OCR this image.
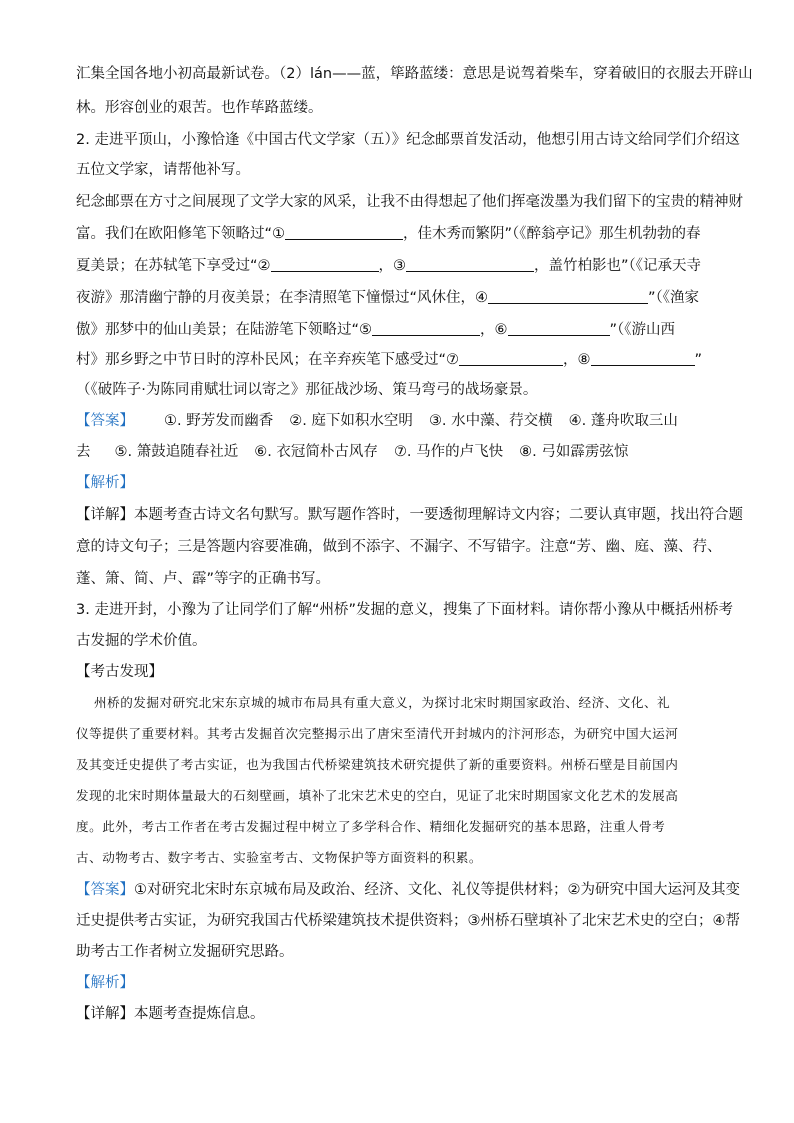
汇集全国各地小初高最新试卷。（2）lán——蓝，筚路蓝缕：意思是说驾着柴车，穿着破旧的衣服去开辟山
林。形容创业的艰苦。也作荜路蓝缕。
2. 走进平顶山，小豫恰逢《中国古代文学家（五）》纪念邮票首发活动，他想引用古诗文给同学们介绍这
五位文学家，请帮他补写。
纪念邮票在方寸之间展现了文学大家的风采，让我不由得想起了他们挥毫泼墨为我们留下的宝贵的精神财
富。我们在欧阳修笔下领略过“①	，佳木秀而繁阴”（《醉翁亭记》那生机勃勃的春
夏美景；在苏轼笔下享受过“②	，③	，盖竹柏影也”（《记承天寺
夜游》那清幽宁静的月夜美景；在李清照笔下憧憬过“风休住，④	”（《渔家
傲》那梦中的仙山美景；在陆游笔下领略过“⑤	，⑥	”（《游山西
村》那乡野之中节日时的淳朴民风；在辛弃疾笔下感受过“⑦	，⑧	”
（《破阵子·为陈同甫赋壮词以寄之》那征战沙场、策马弯弓的战场豪景。
【答案】 ①. 野芳发而幽香 ②. 庭下如积水空明 ③. 水中藻、荇交横 ④. 蓬舟吹取三山
去 ⑤. 箫鼓追随春社近 ⑥. 衣冠简朴古风存 ⑦. 马作的卢飞快 ⑧. 弓如霹雳弦惊
【解析】
【详解】本题考查古诗文名句默写。默写题作答时，一要透彻理解诗文内容；二要认真审题，找出符合题
意的诗文句子；三是答题内容要准确，做到不添字、不漏字、不写错字。注意“芳、幽、庭、藻、荇、
蓬、箫、简、卢、霹”等字的正确书写。
3. 走进开封，小豫为了让同学们了解“州桥”发掘的意义，搜集了下面材料。请你帮小豫从中概括州桥考
古发掘的学术价值。
【考古发现】
州桥的发掘对研究北宋东京城的城市布局具有重大意义，为探讨北宋时期国家政治、经济、文化、礼
仪等提供了重要材料。其考古发掘首次完整揭示出了唐宋至清代开封城内的汴河形态，为研究中国大运河
及其变迁史提供了考古实证，也为我国古代桥梁建筑技术研究提供了新的重要资料。州桥石壁是目前国内
发现的北宋时期体量最大的石刻壁画，填补了北宋艺术史的空白，见证了北宋时期国家文化艺术的发展高
度。此外，考古工作者在考古发掘过程中树立了多学科合作、精细化发掘研究的基本思路，注重人骨考
古、动物考古、数字考古、实验室考古、文物保护等方面资料的积累。
【答案】①对研究北宋时东京城布局及政治、经济、文化、礼仪等提供材料；②为研究中国大运河及其变
迁史提供考古实证，为研究我国古代桥梁建筑技术提供资料；③州桥石壁填补了北宋艺术史的空白；④帮
助考古工作者树立发掘研究思路。
【解析】
【详解】本题考查提炼信息。
